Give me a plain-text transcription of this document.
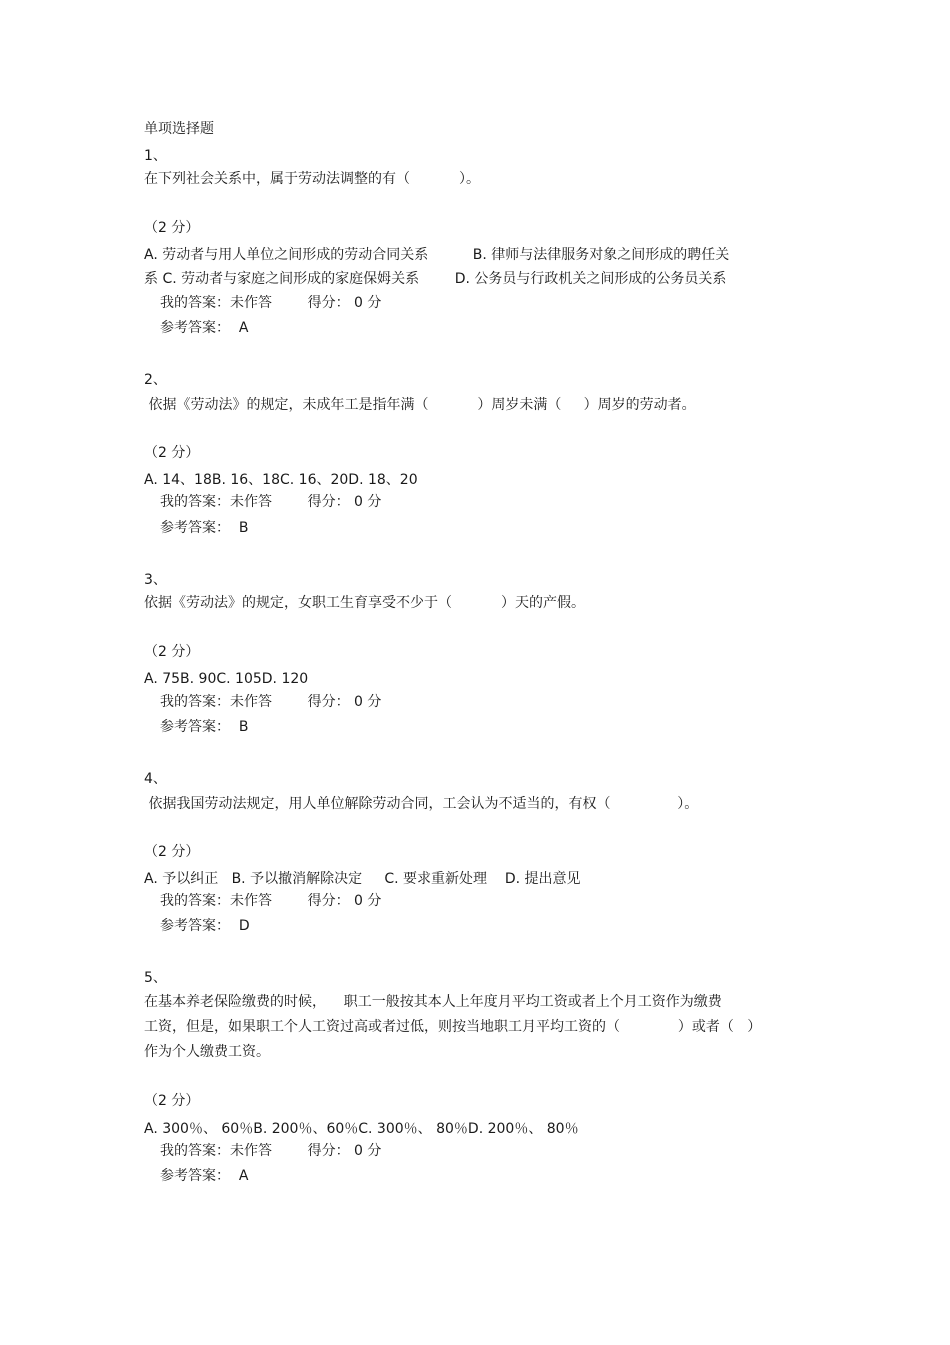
单项选择题
1、
在下列社会关系中，属于劳动法调整的有（           ）。
（2 分）
A. 劳动者与用人单位之间形成的劳动合同关系          B. 律师与法律服务对象之间形成的聘任关
系 C. 劳动者与家庭之间形成的家庭保姆关系        D. 公务员与行政机关之间形成的公务员关系
我的答案：未作答        得分： 0 分
参考答案：  A
2、
依据《劳动法》的规定，未成年工是指年满（           ）周岁未满（     ）周岁的劳动者。
（2 分）
A. 14、18B. 16、18C. 16、20D. 18、20
我的答案：未作答        得分： 0 分
参考答案：  B
3、
依据《劳动法》的规定，女职工生育享受不少于（           ）天的产假。
（2 分）
A. 75B. 90C. 105D. 120
我的答案：未作答        得分： 0 分
参考答案：  B
4、
依据我国劳动法规定，用人单位解除劳动合同，工会认为不适当的，有权（               ）。
（2 分）
A. 予以纠正   B. 予以撤消解除决定     C. 要求重新处理    D. 提出意见
我的答案：未作答        得分： 0 分
参考答案：  D
5、
在基本养老保险缴费的时候，    职工一般按其本人上年度月平均工资或者上个月工资作为缴费
工资，但是，如果职工个人工资过高或者过低，则按当地职工月平均工资的（             ）或者（   ）
作为个人缴费工资。
（2 分）
A. 300％、 60％B. 200％、60％C. 300％、 80％D. 200％、 80％
我的答案：未作答        得分： 0 分
参考答案：  A
